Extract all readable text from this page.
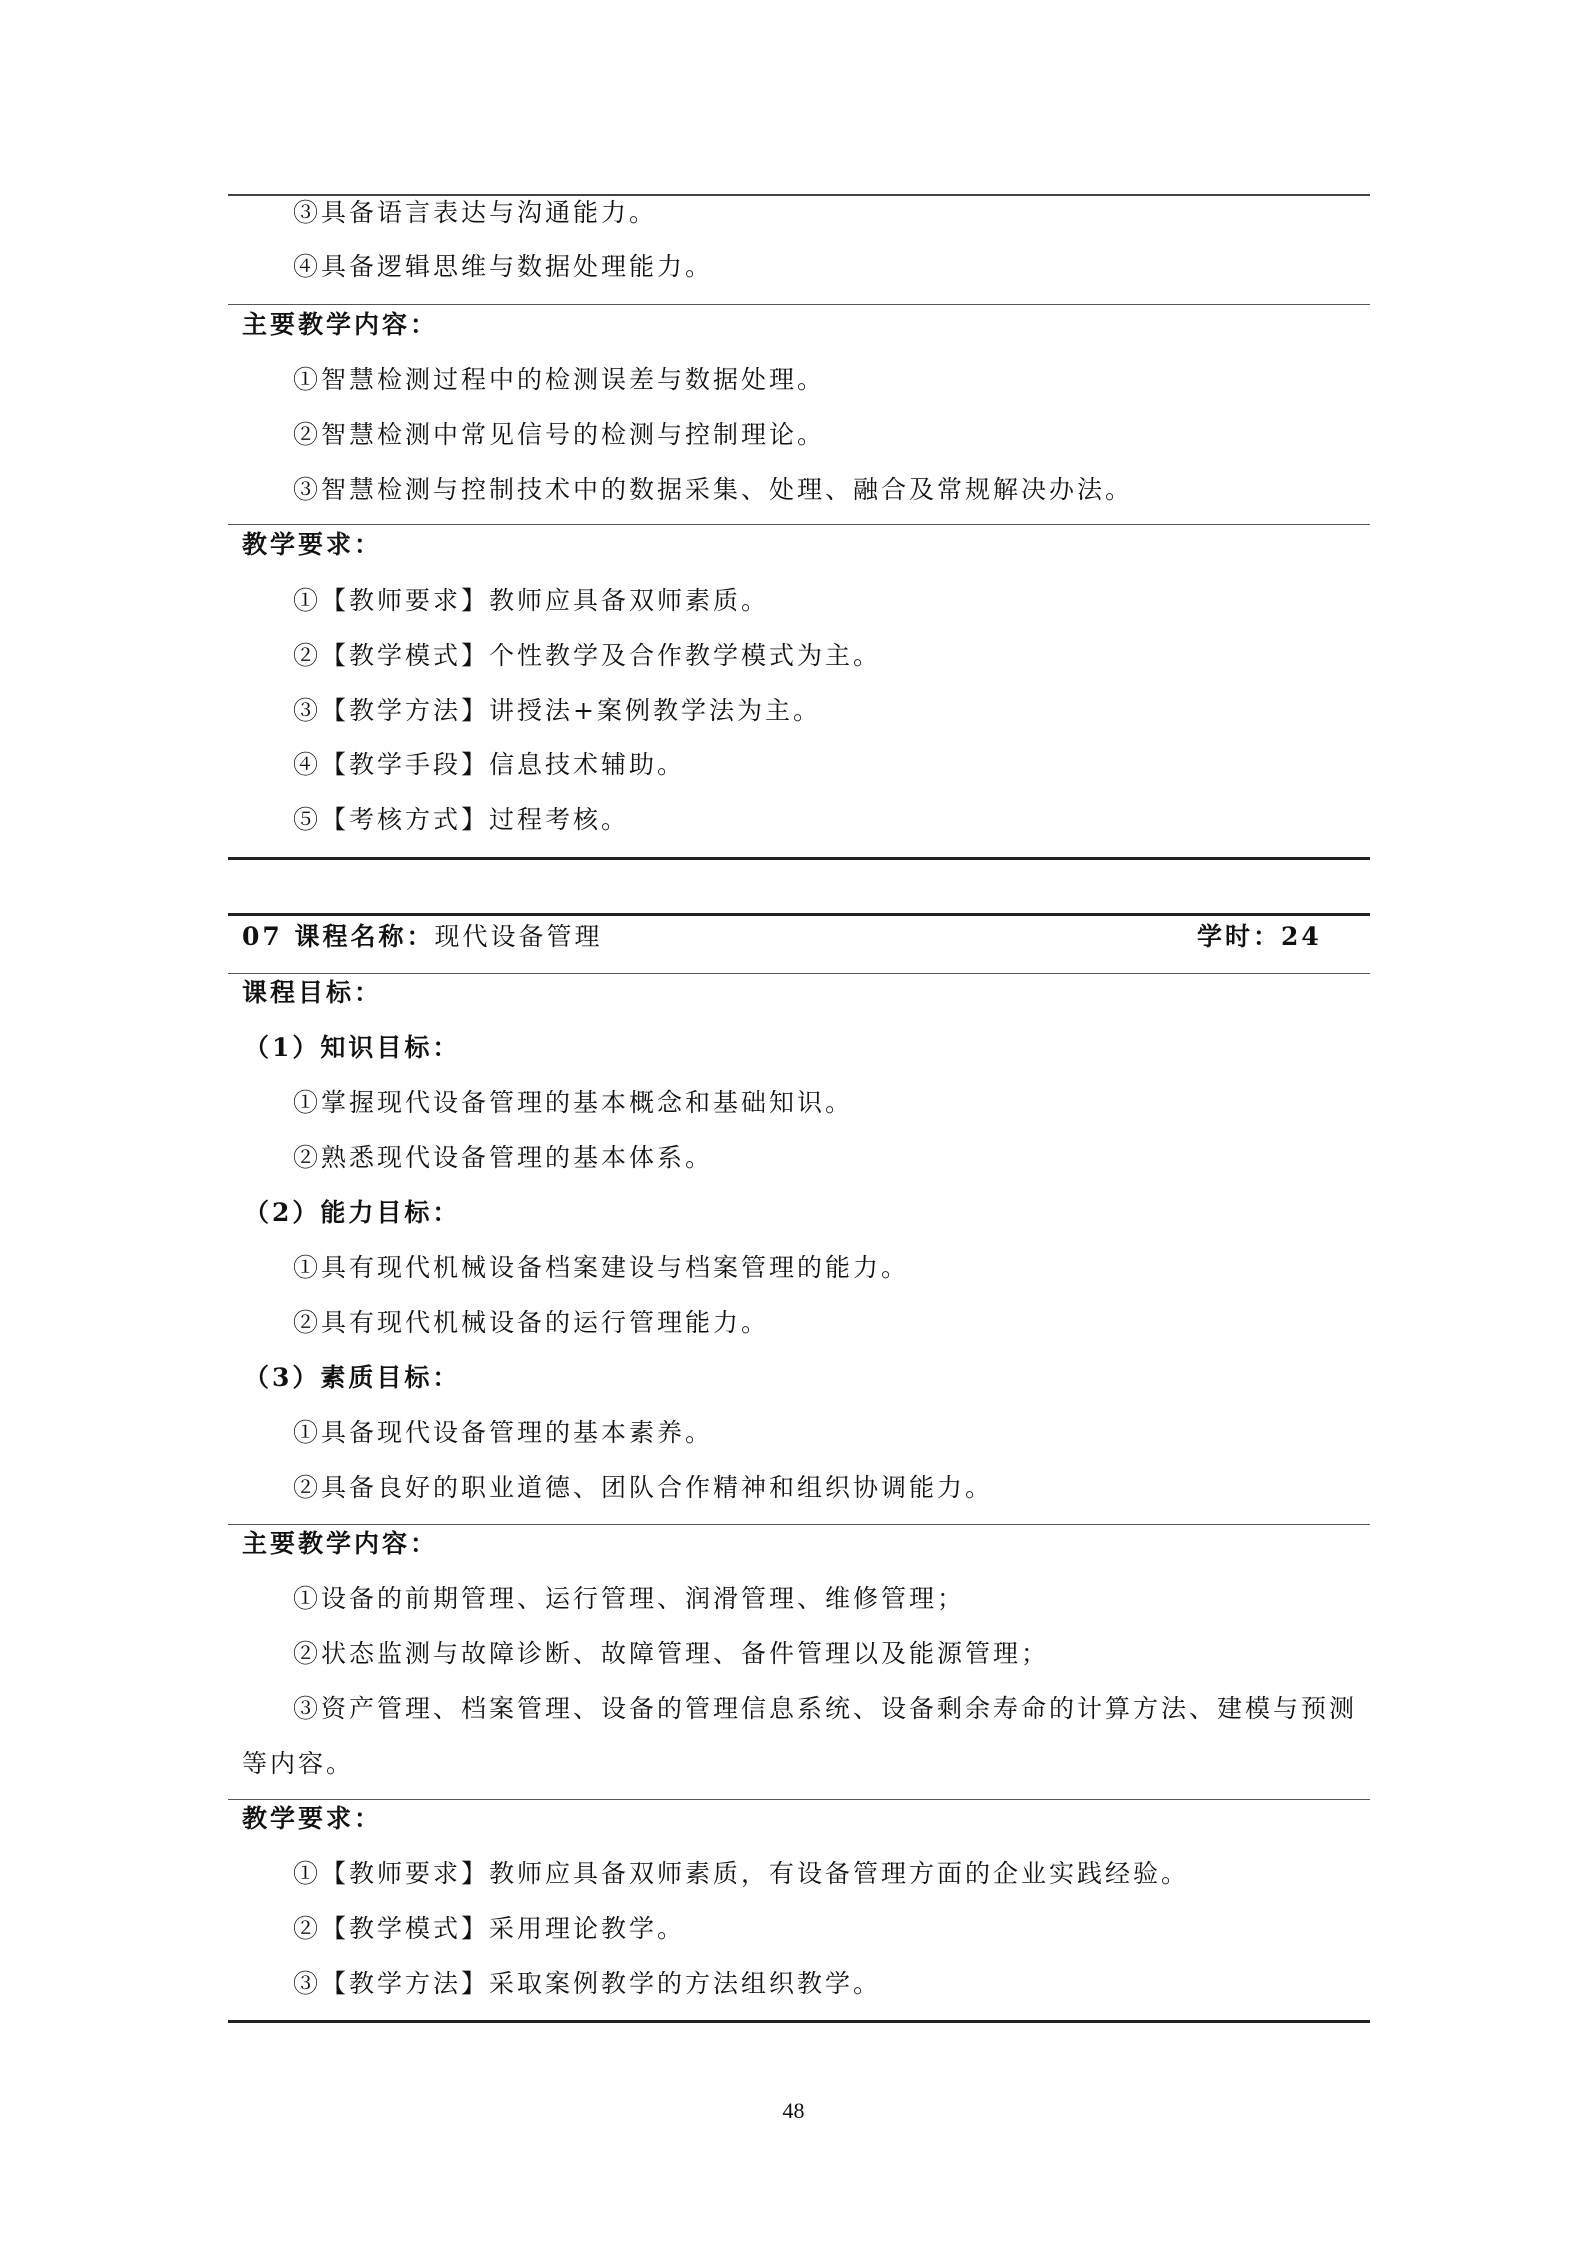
③具备语言表达与沟通能力。
④具备逻辑思维与数据处理能力。
主要教学内容：
①智慧检测过程中的检测误差与数据处理。
②智慧检测中常见信号的检测与控制理论。
③智慧检测与控制技术中的数据采集、处理、融合及常规解决办法。
教学要求：
①【教师要求】教师应具备双师素质。
②【教学模式】个性教学及合作教学模式为主。
③【教学方法】讲授法+案例教学法为主。
④【教学手段】信息技术辅助。
⑤【考核方式】过程考核。
07 课程名称：现代设备管理	学时：24
课程目标：
（1）知识目标：
①掌握现代设备管理的基本概念和基础知识。
②熟悉现代设备管理的基本体系。
（2）能力目标：
①具有现代机械设备档案建设与档案管理的能力。
②具有现代机械设备的运行管理能力。
（3）素质目标：
①具备现代设备管理的基本素养。
②具备良好的职业道德、团队合作精神和组织协调能力。
主要教学内容：
①设备的前期管理、运行管理、润滑管理、维修管理；
②状态监测与故障诊断、故障管理、备件管理以及能源管理；
③资产管理、档案管理、设备的管理信息系统、设备剩余寿命的计算方法、建模与预测
等内容。
教学要求：
①【教师要求】教师应具备双师素质，有设备管理方面的企业实践经验。
②【教学模式】采用理论教学。
③【教学方法】采取案例教学的方法组织教学。
48
